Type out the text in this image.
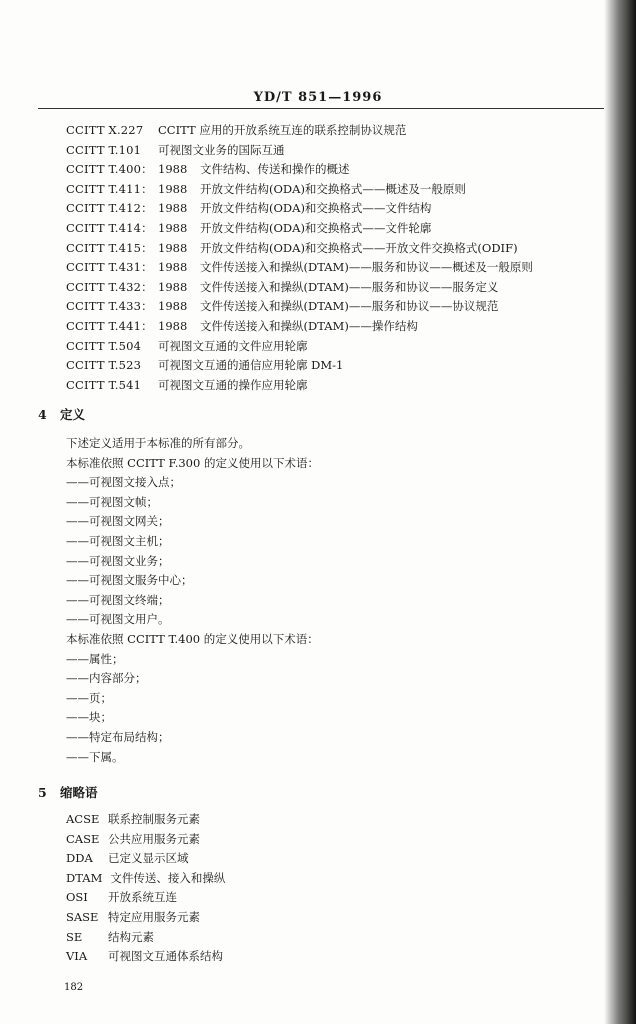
YD/T 851—1996
CCITT X.227	CCITT 应用的开放系统互连的联系控制协议规范
CCITT T.101	可视图文业务的国际互通
CCITT T.400： 1988	文件结构、传送和操作的概述
CCITT T.411： 1988	开放文件结构(ODA)和交换格式——概述及一般原则
CCITT T.412： 1988	开放文件结构(ODA)和交换格式——文件结构
CCITT T.414： 1988	开放文件结构(ODA)和交换格式——文件轮廓
CCITT T.415： 1988	开放文件结构(ODA)和交换格式——开放文件交换格式(ODIF)
CCITT T.431： 1988	文件传送接入和操纵(DTAM)——服务和协议——概述及一般原则
CCITT T.432： 1988	文件传送接入和操纵(DTAM)——服务和协议——服务定义
CCITT T.433： 1988	文件传送接入和操纵(DTAM)——服务和协议——协议规范
CCITT T.441： 1988	文件传送接入和操纵(DTAM)——操作结构
CCITT T.504	可视图文互通的文件应用轮廓
CCITT T.523	可视图文互通的通信应用轮廓 DM-1
CCITT T.541	可视图文互通的操作应用轮廓
4 定义
下述定义适用于本标准的所有部分。
本标准依照 CCITT F.300 的定义使用以下术语：
——可视图文接入点；
——可视图文帧；
——可视图文网关；
——可视图文主机；
——可视图文业务；
——可视图文服务中心；
——可视图文终端；
——可视图文用户。
本标准依照 CCITT T.400 的定义使用以下术语：
——属性；
——内容部分；
——页；
——块；
——特定布局结构；
——下属。
5 缩略语
ACSE 联系控制服务元素
CASE 公共应用服务元素
DDA 已定义显示区域
DTAM 文件传送、接入和操纵
OSI 开放系统互连
SASE 特定应用服务元素
SE 结构元素
VIA 可视图文互通体系结构
182
